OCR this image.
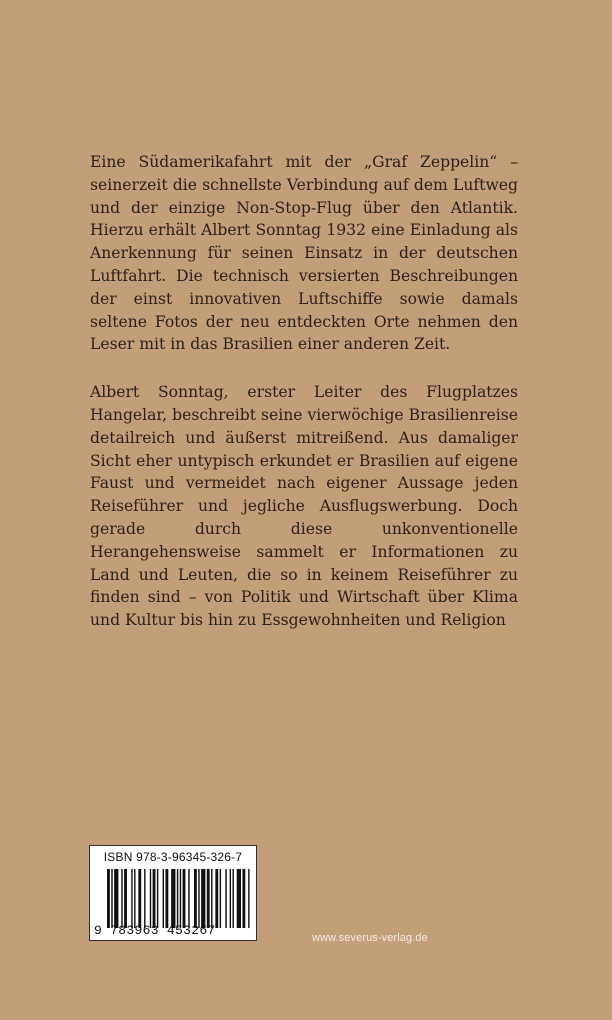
Eine Südamerikafahrt mit der „Graf Zeppelin“ – seinerzeit die schnellste Verbindung auf dem Luftweg und der einzige Non-Stop-Flug über den Atlantik. Hierzu erhält Albert Sonntag 1932 eine Einladung als Anerkennung für seinen Einsatz in der deutschen Luftfahrt. Die technisch versierten Beschreibungen der einst innovativen Luftschiffe sowie damals seltene Fotos der neu entdeckten Orte nehmen den Leser mit in das Brasilien einer anderen Zeit.

Albert Sonntag, erster Leiter des Flugplatzes Hangelar, beschreibt seine vierwöchige Brasilienreise detailreich und äußerst mitreißend. Aus damaliger Sicht eher untypisch erkundet er Brasilien auf eigene Faust und vermeidet nach eigener Aussage jeden Reiseführer und jegliche Ausflugswerbung. Doch gerade durch diese unkonventionelle Herangehensweise sammelt er Informationen zu Land und Leuten, die so in keinem Reiseführer zu finden sind – von Politik und Wirtschaft über Klima und Kultur bis hin zu Essgewohnheiten und Religion

ISBN 978-3-96345-326-7
9 783963 453267	www.severus-verlag.de
